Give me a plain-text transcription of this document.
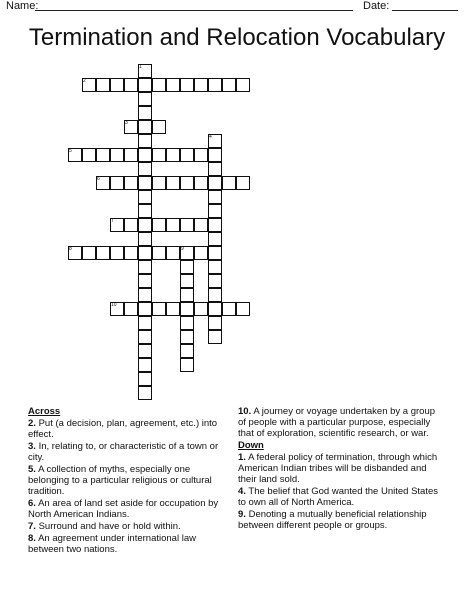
Name:	Date:
Termination and Relocation Vocabulary
2
3
5
6
7
8	9
10
1
4
Across
2. Put (a decision, plan, agreement, etc.) into effect.
3. In, relating to, or characteristic of a town or city.
5. A collection of myths, especially one belonging to a particular religious or cultural tradition.
6. An area of land set aside for occupation by North American Indians.
7. Surround and have or hold within.
8. An agreement under international law between two nations.
10. A journey or voyage undertaken by a group of people with a particular purpose, especially that of exploration, scientific research, or war.
Down
1. A federal policy of termination, through which American Indian tribes will be disbanded and their land sold.
4. The belief that God wanted the United States to own all of North America.
9. Denoting a mutually beneficial relationship between different people or groups.
